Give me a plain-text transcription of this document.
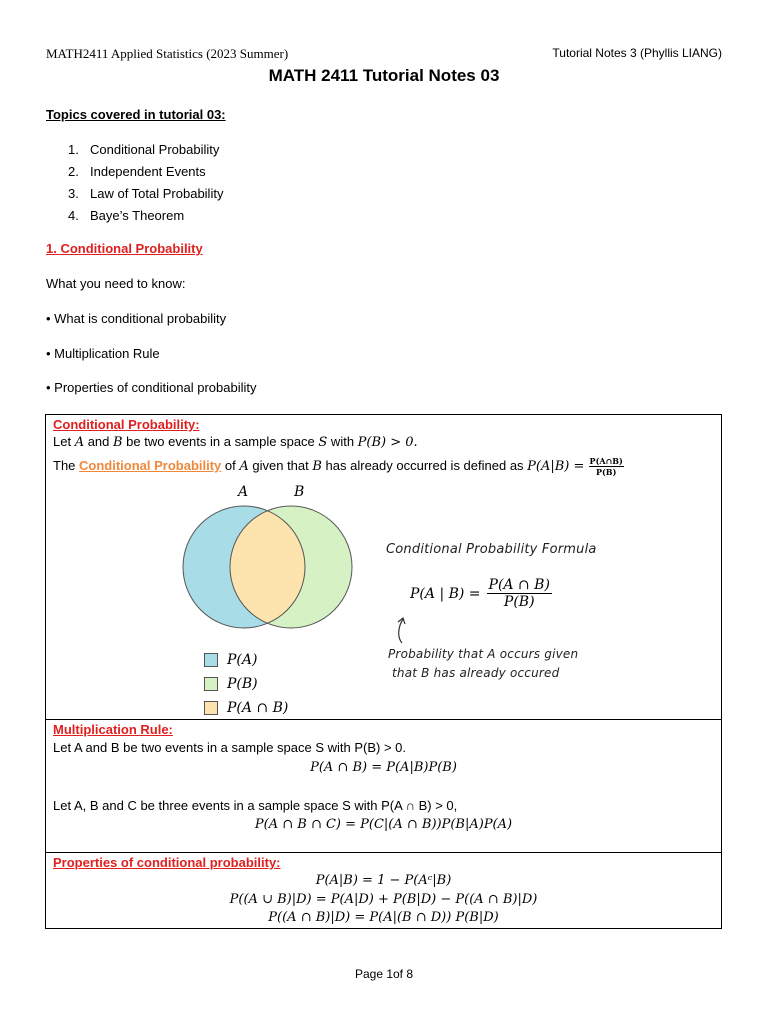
MATH2411 Applied Statistics (2023 Summer)	Tutorial Notes 3 (Phyllis LIANG)
MATH 2411 Tutorial Notes 03
Topics covered in tutorial 03:
1. Conditional Probability
2. Independent Events
3. Law of Total Probability
4. Baye’s Theorem
1. Conditional Probability
What you need to know:
• What is conditional probability
• Multiplication Rule
• Properties of conditional probability
Conditional Probability:
Let A and B be two events in a sample space S with P(B) > 0.
The Conditional Probability of A given that B has already occurred is defined as $P(A|B) = \frac{P(A\cap B)}{P(B)}$
A	B
P(A)
P(B)
P(A ∩ B)
Conditional Probability Formula
P(A | $B) = \frac{P(A \cap B)}{P(B)}$
Probability that A occurs given
that B has already occured
Multiplication Rule:
Let A and B be two events in a sample space S with P(B) > 0.
P(A ∩ B) = P(A|B)P(B)
Let A, B and C be three events in a sample space S with P(A ∩ B) > 0,
P(A ∩ B ∩ C) = P(C|(A ∩ B))P(B|A)P(A)
Properties of conditional probability:
P(A|B) = 1 − P(Aᶜ|B)
P((A ∪ B)|D) = P(A|D) + P(B|D) − P((A ∩ B)|D)
P((A ∩ B)|D) = P(A|(B ∩ D)) P(B|D)
Page 1of 8
